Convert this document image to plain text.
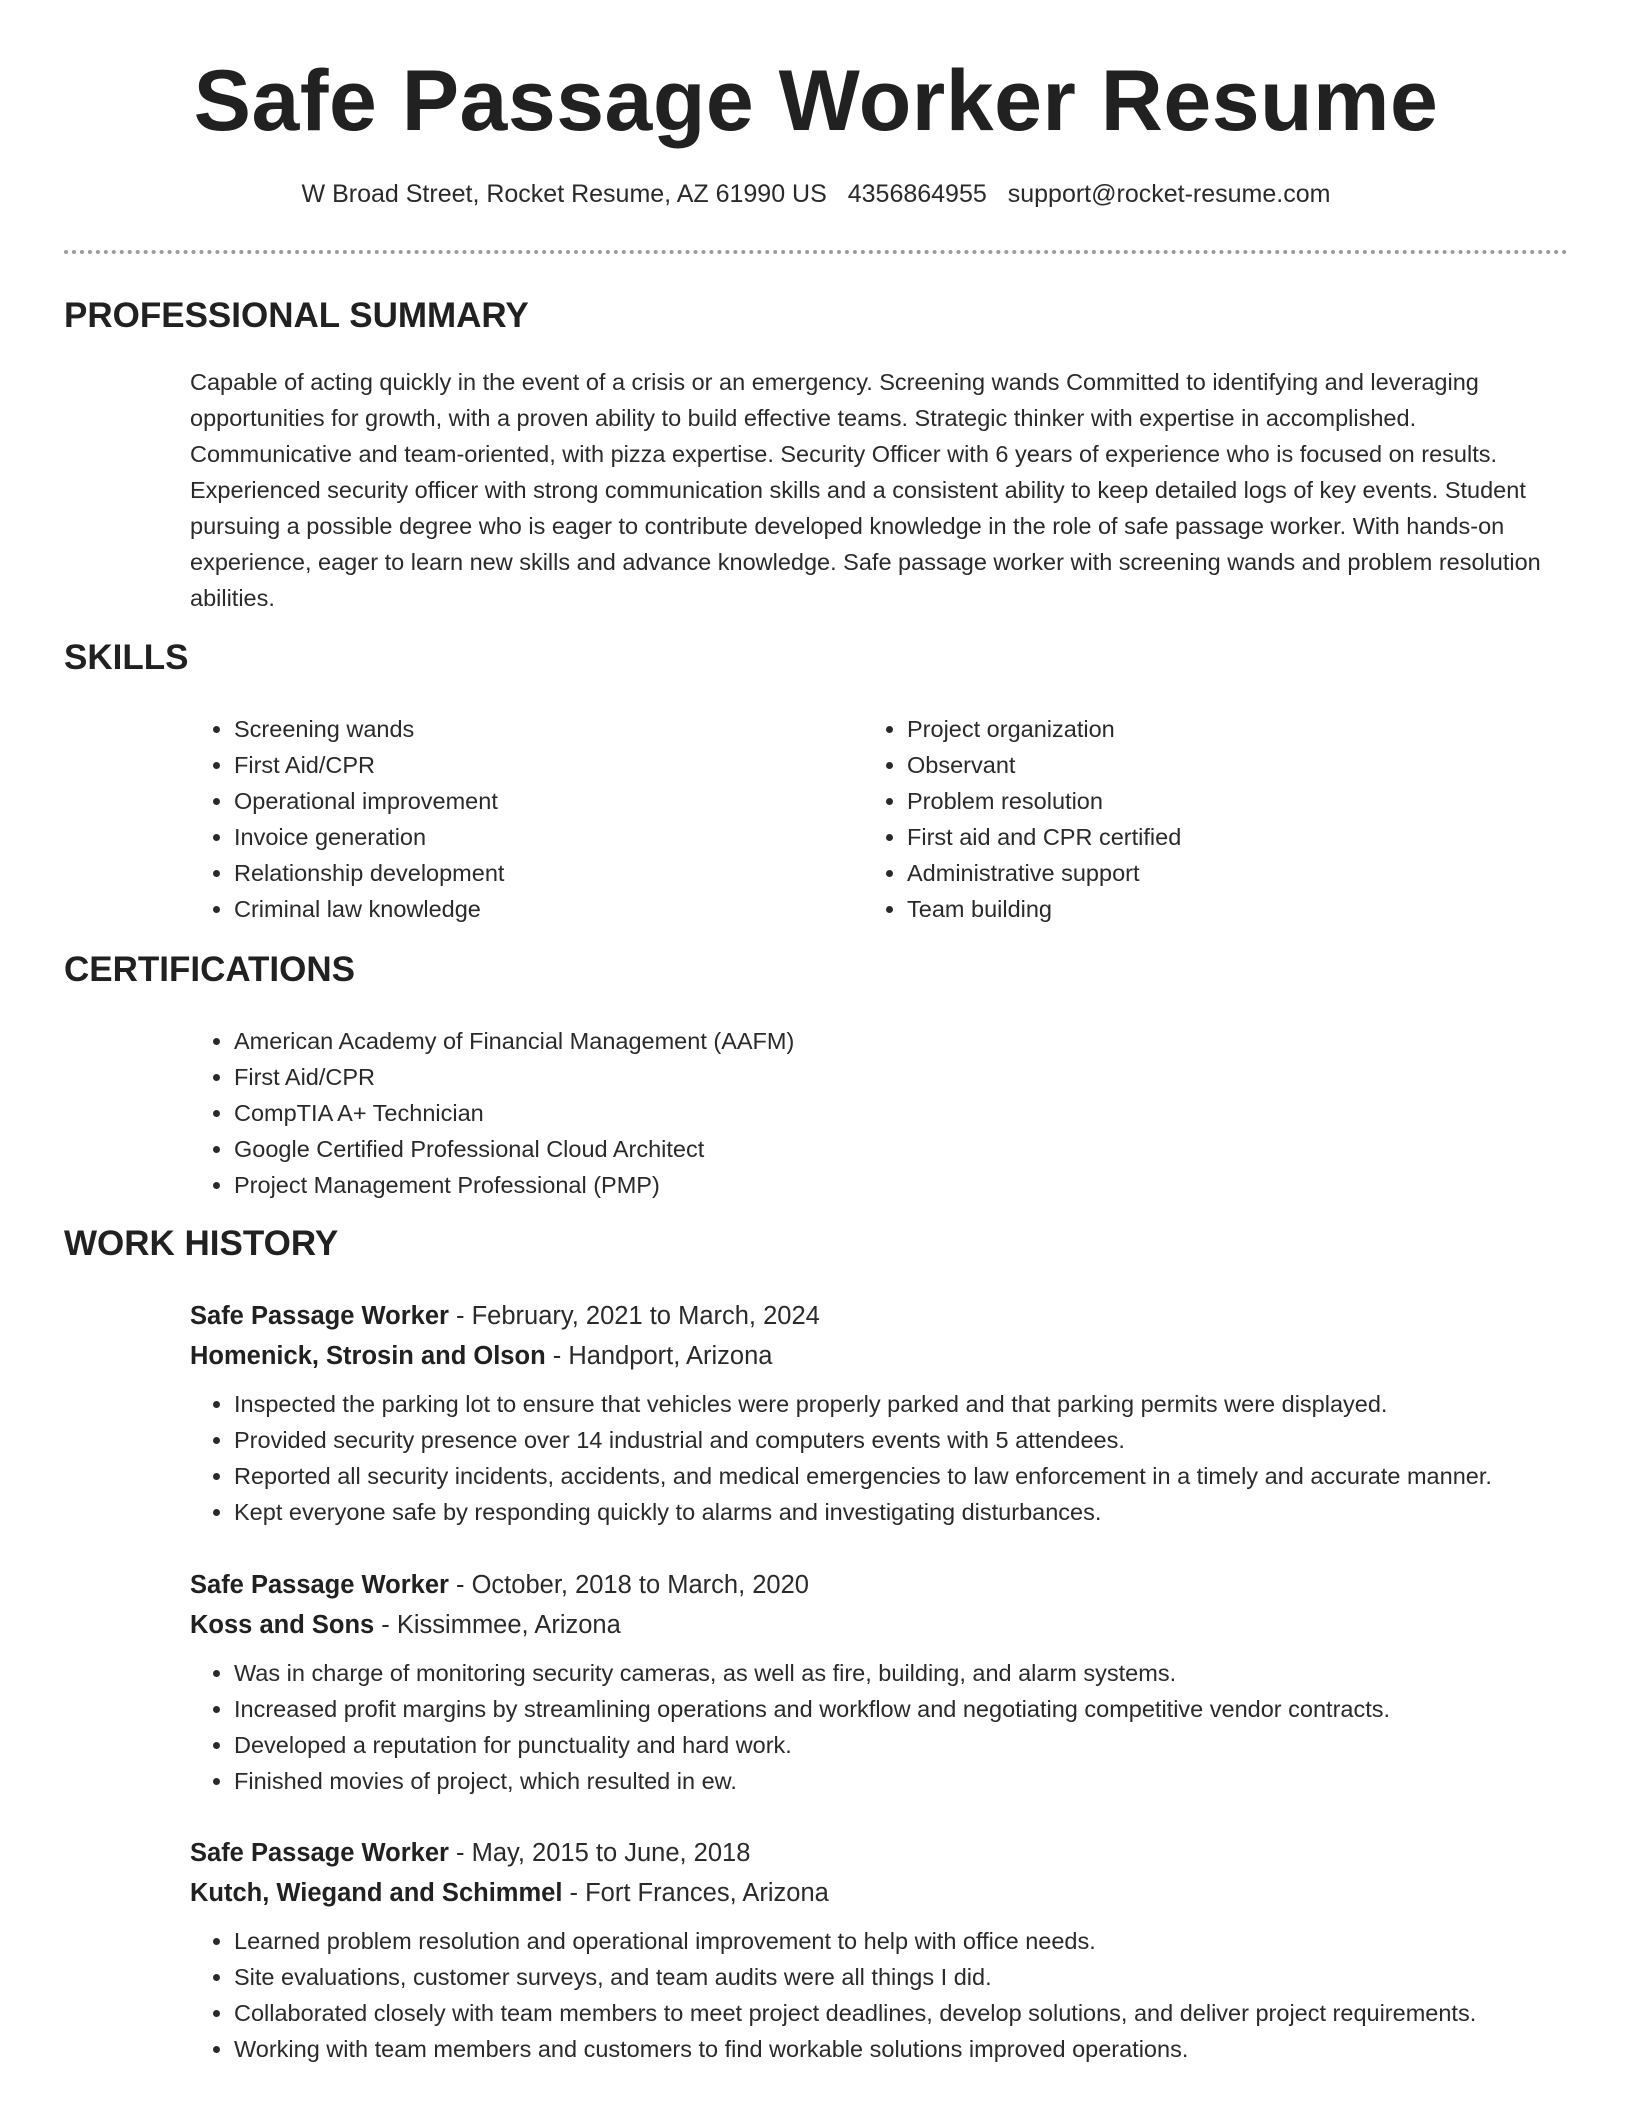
Safe Passage Worker Resume
W Broad Street, Rocket Resume, AZ 61990 US 4356864955 support@rocket-resume.com
PROFESSIONAL SUMMARY

Capable of acting quickly in the event of a crisis or an emergency. Screening wands Committed to identifying and leveraging opportunities for growth, with a proven ability to build effective teams. Strategic thinker with expertise in accomplished. Communicative and team-oriented, with pizza expertise. Security Officer with 6 years of experience who is focused on results. Experienced security officer with strong communication skills and a consistent ability to keep detailed logs of key events. Student pursuing a possible degree who is eager to contribute developed knowledge in the role of safe passage worker. With hands-on experience, eager to learn new skills and advance knowledge. Safe passage worker with screening wands and problem resolution abilities.

SKILLS
• Screening wands
• First Aid/CPR
• Operational improvement
• Invoice generation
• Relationship development
• Criminal law knowledge
• Project organization
• Observant
• Problem resolution
• First aid and CPR certified
• Administrative support
• Team building
CERTIFICATIONS
• American Academy of Financial Management (AAFM)
• First Aid/CPR
• CompTIA A+ Technician
• Google Certified Professional Cloud Architect
• Project Management Professional (PMP)
WORK HISTORY
Safe Passage Worker - February, 2021 to March, 2024
Homenick, Strosin and Olson - Handport, Arizona
• Inspected the parking lot to ensure that vehicles were properly parked and that parking permits were displayed.
• Provided security presence over 14 industrial and computers events with 5 attendees.
• Reported all security incidents, accidents, and medical emergencies to law enforcement in a timely and accurate manner.
• Kept everyone safe by responding quickly to alarms and investigating disturbances.
Safe Passage Worker - October, 2018 to March, 2020
Koss and Sons - Kissimmee, Arizona
• Was in charge of monitoring security cameras, as well as fire, building, and alarm systems.
• Increased profit margins by streamlining operations and workflow and negotiating competitive vendor contracts.
• Developed a reputation for punctuality and hard work.
• Finished movies of project, which resulted in ew.
Safe Passage Worker - May, 2015 to June, 2018
Kutch, Wiegand and Schimmel - Fort Frances, Arizona
• Learned problem resolution and operational improvement to help with office needs.
• Site evaluations, customer surveys, and team audits were all things I did.
• Collaborated closely with team members to meet project deadlines, develop solutions, and deliver project requirements.
• Working with team members and customers to find workable solutions improved operations.
